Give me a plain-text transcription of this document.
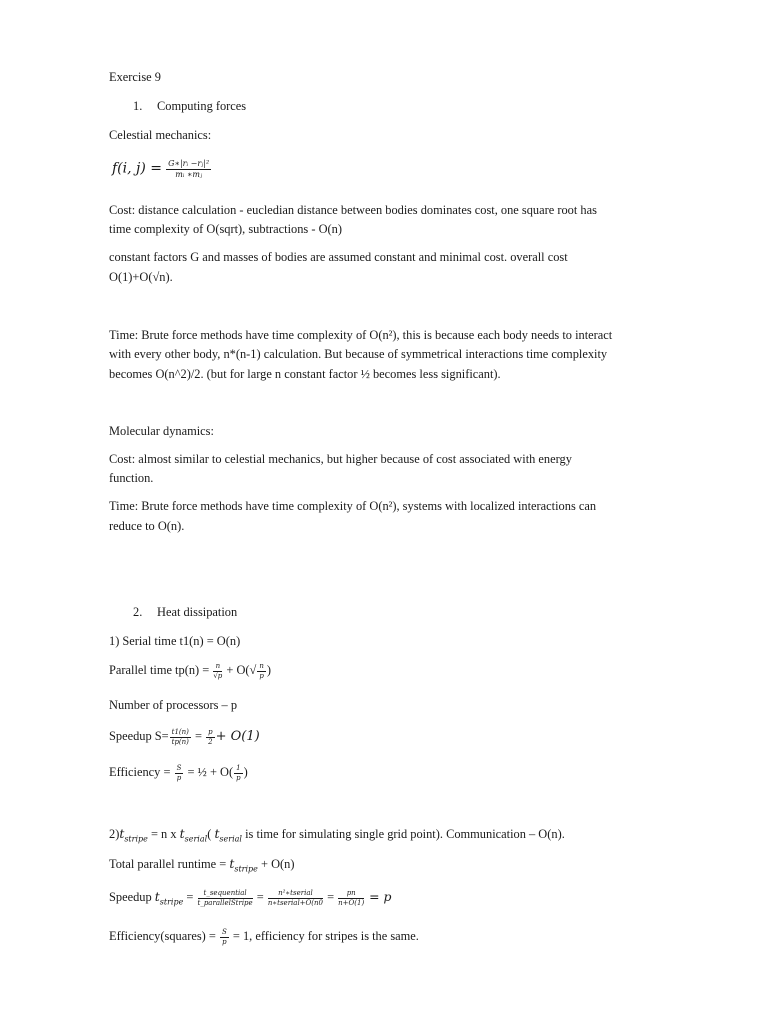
Exercise 9
1. Computing forces
Celestial mechanics:
f(i, $j) = \frac{\text{G∗|rᵢ −rⱼ|²}}{\text{mᵢ ∗mⱼ}}$
Cost: distance calculation - eucledian distance between bodies dominates cost, one square root has
time complexity of O(sqrt), subtractions - O(n)
constant factors G and masses of bodies are assumed constant and minimal cost. overall cost
O(1)+O(√n).
Time: Brute force methods have time complexity of O(n²), this is because each body needs to interact
with every other body, n*(n-1) calculation. But because of symmetrical interactions time complexity
becomes O(n^2)/2. (but for large n constant factor ½ becomes less significant).
Molecular dynamics:
Cost: almost similar to celestial mechanics, but higher because of cost associated with energy
function.
Time: Brute force methods have time complexity of O(n²), systems with localized interactions can
reduce to O(n).
2. Heat dissipation
1) Serial time t1(n) = O(n)
Parallel time $tp(n) = \frac{n}{√p} + O(√ \frac{n}{p}$ )
Number of processors – p
Speedup $S= \frac{t1(n)}{tp(n)} = \frac{p}{2} + O(1)$
Efficiency = $\frac{S}{p}$ = ½ + $O( \frac{1}{p}$ )
$2)t_{stripe} = n$ x $t_{serial}$( $t_{serial}$ is time for simulating single grid point). Communication – O(n).
Total parallel runtime = $t_{stripe} + O(n)$
Speedup $t_{stripe} = \frac{\text{t\_sequential}}{\text{t\_parallelStripe}} = \frac{\text{n²∗tserial}}{\text{n∗tserial+O(n0}} = \frac{pn}{n+O(1)} = p$
Efficiency(squares) = $\frac{S}{p} = 1$, efficiency for stripes is the same.
